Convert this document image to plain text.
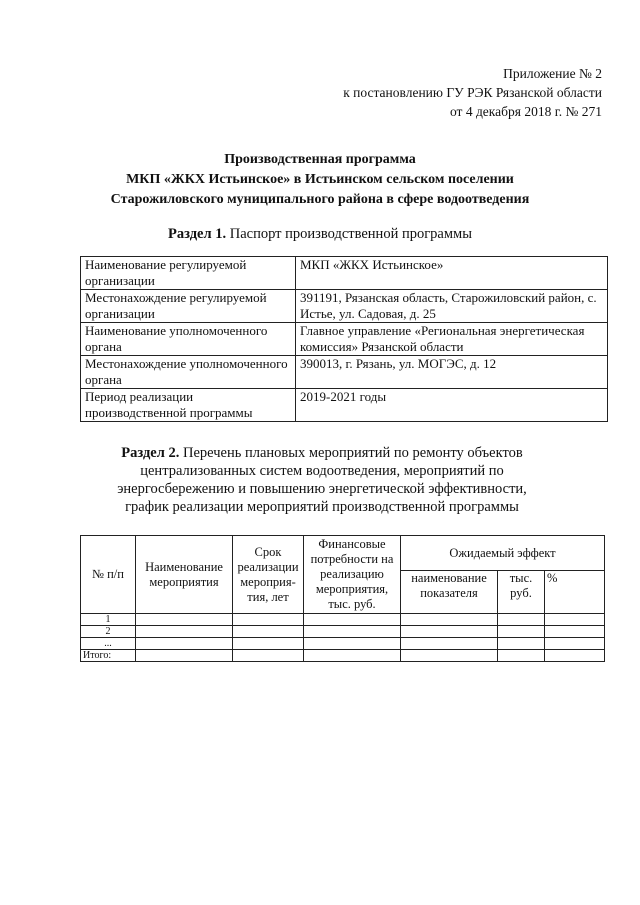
Приложение № 2
к постановлению ГУ РЭК Рязанской области
от 4 декабря 2018 г. № 271
Производственная программа
МКП «ЖКХ Истьинское» в Истьинском сельском поселении
Старожиловского муниципального района в сфере водоотведения
Раздел 1. Паспорт производственной программы
Наименование регулируемой организации	МКП «ЖКХ Истьинское»
Местонахождение регулируемой организации	391191, Рязанская область, Старожиловский район, с. Истье, ул. Садовая, д. 25
Наименование уполномоченного органа	Главное управление «Региональная энергетическая комиссия» Рязанской области
Местонахождение уполномоченного органа	390013, г. Рязань, ул. МОГЭС, д. 12
Период реализации производственной программы	2019-2021 годы
Раздел 2. Перечень плановых мероприятий по ремонту объектов централизованных систем водоотведения, мероприятий по энергосбережению и повышению энергетической эффективности, график реализации мероприятий производственной программы
№ п/п	Наименование мероприятия	Срок реализации мероприя-тия, лет	Финансовые потребности на реализацию мероприятия, тыс. руб.	Ожидаемый эффект		
				наименование показателя	тыс. руб.	%
1						
2						
...						
Итого:						
